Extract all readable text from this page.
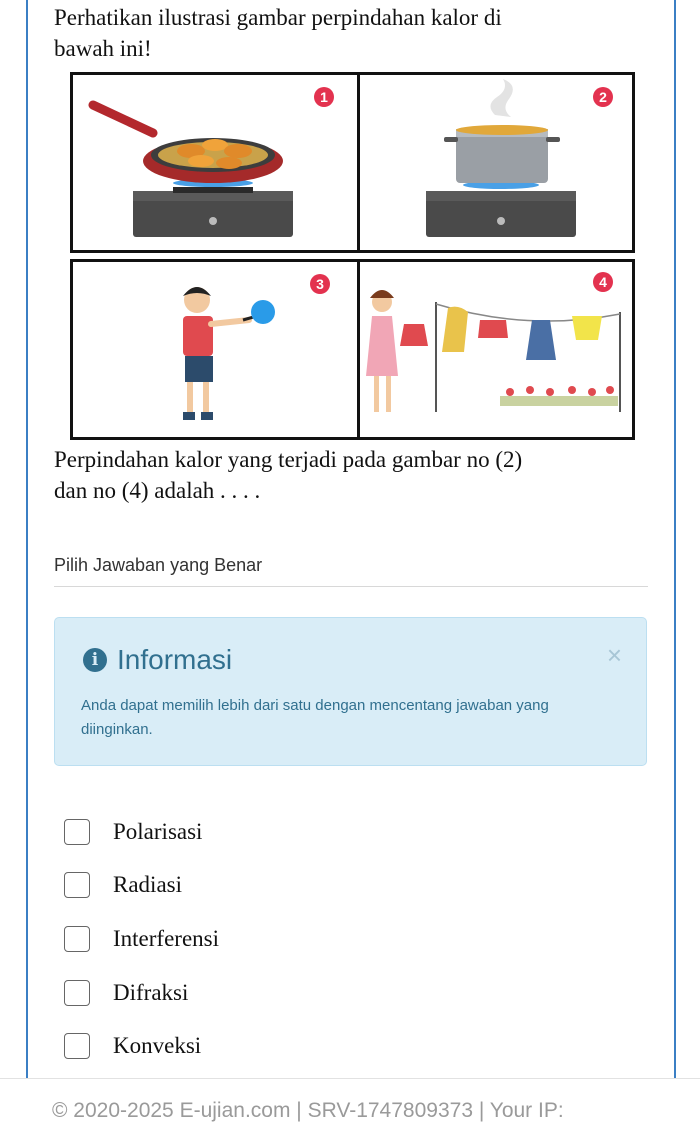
Perhatikan ilustrasi gambar perpindahan kalor di
bawah ini!
1	2
3	4
Perpindahan kalor yang terjadi pada gambar no (2)
dan no (4) adalah . . . .
Pilih Jawaban yang Benar
i Informasi	×
Anda dapat memilih lebih dari satu dengan mencentang jawaban yang diinginkan.
Polarisasi
Radiasi
Interferensi
Difraksi
Konveksi
© 2020-2025 E-ujian.com | SRV-1747809373 | Your IP:
